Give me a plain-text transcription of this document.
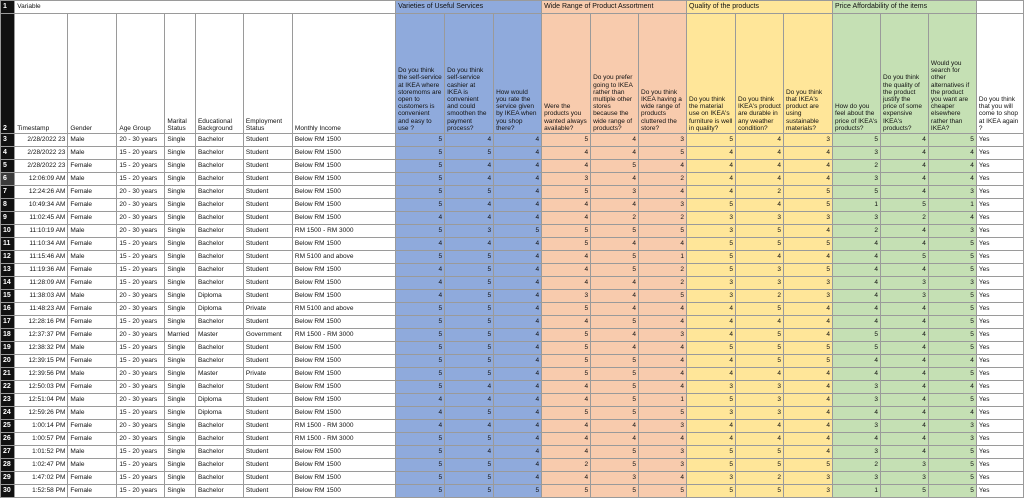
1	Variable							Varieties of Useful Services			Wide Range of Product Assortment			Quality of the products			Price Affordability of the items			
2	Timestamp	Gender	Age Group	Marital Status	Educational Background	Employment Status	Monthly Income	Do you think the self-service at IKEA where storemoms are open to customers is convenient and easy to use ?	Do you think self-service cashier at IKEA is convenient and could smoothen the payment process?	How would you rate the service given by IKEA when you shop there?	Were the products you wanted always available?	Do you prefer going to IKEA rather than multiple other stores because the wide range of products?	Do you think IKEA having a wide range of products cluttered the store?	Do you think the material use on IKEA's furniture is well in quality?	Do you think IKEA's product are durable in any weather condition?	Do you think that IKEA's product are using sustainable materials?	How do you feel about the price of IKEA's products?	Do you think the quality of the product justify the price of some expensive IKEA's products?	Would you search for other alternatives if the product you want are cheaper elsewhere rather than IKEA?	Do you think that you will come to shop at IKEA again ?
3	2/28/2022 23	Male	20 - 30 years	Single	Bachelor	Student	Below RM 1500	5	4	4	5	4	3	5	4	3	5	4	5	Yes
4	2/28/2022 23	Male	15 - 20 years	Single	Bachelor	Student	Below RM 1500	5	5	4	4	4	5	4	4	4	3	4	4	Yes
5	2/28/2022 23	Female	15 - 20 years	Single	Bachelor	Student	Below RM 1500	5	4	4	4	5	4	4	4	4	2	4	4	Yes
6	12:06:09 AM	Male	15 - 20 years	Single	Bachelor	Student	Below RM 1500	5	4	4	3	4	2	4	4	4	3	4	4	Yes
7	12:24:26 AM	Female	20 - 30 years	Single	Bachelor	Student	Below RM 1500	5	5	4	5	3	4	4	2	5	5	4	3	Yes
8	10:49:34 AM	Female	20 - 30 years	Single	Bachelor	Student	Below RM 1500	5	4	4	4	4	3	5	4	5	1	5	1	Yes
9	11:02:45 AM	Female	20 - 30 years	Single	Bachelor	Student	Below RM 1500	4	4	4	4	2	2	3	3	3	3	2	4	Yes
10	11:10:19 AM	Male	20 - 30 years	Single	Bachelor	Student	RM 1500 - RM 3000	5	3	5	5	5	5	3	5	4	2	4	3	Yes
11	11:10:34 AM	Female	15 - 20 years	Single	Bachelor	Student	Below RM 1500	4	4	4	5	4	4	5	5	5	4	4	5	Yes
12	11:15:46 AM	Male	15 - 20 years	Single	Bachelor	Student	RM 5100 and above	5	5	4	4	5	1	5	4	4	4	5	5	Yes
13	11:19:36 AM	Female	15 - 20 years	Single	Bachelor	Student	Below RM 1500	4	5	4	4	5	2	5	3	5	4	4	5	Yes
14	11:28:09 AM	Female	15 - 20 years	Single	Bachelor	Student	Below RM 1500	4	5	4	4	4	2	3	3	3	4	3	3	Yes
15	11:38:03 AM	Male	20 - 30 years	Single	Diploma	Student	Below RM 1500	4	5	4	3	4	5	3	2	3	4	3	5	Yes
16	11:48:23 AM	Female	20 - 30 years	Single	Diploma	Private	RM 5100 and above	5	5	4	5	4	4	4	5	4	4	4	5	Yes
17	12:28:16 PM	Female	15 - 20 years	Single	Bachelor	Student	Below RM 1500	5	5	4	4	5	4	4	4	4	4	4	5	Yes
18	12:37:37 PM	Female	20 - 30 years	Married	Master	Government	RM 1500 - RM 3000	5	5	4	5	4	3	4	5	4	5	4	5	Yes
19	12:38:32 PM	Male	15 - 20 years	Single	Bachelor	Student	Below RM 1500	5	5	4	5	4	4	5	5	5	5	4	5	Yes
20	12:39:15 PM	Female	15 - 20 years	Single	Bachelor	Student	Below RM 1500	5	5	4	5	5	4	4	5	5	4	4	4	Yes
21	12:39:56 PM	Male	20 - 30 years	Single	Master	Private	Below RM 1500	5	5	4	5	5	4	4	4	4	4	4	5	Yes
22	12:50:03 PM	Female	20 - 30 years	Single	Bachelor	Student	Below RM 1500	5	4	4	4	5	4	3	3	4	3	4	4	Yes
23	12:51:04 PM	Male	20 - 30 years	Single	Diploma	Student	Below RM 1500	4	4	4	4	5	1	5	3	4	3	4	5	Yes
24	12:59:26 PM	Male	15 - 20 years	Single	Diploma	Student	Below RM 1500	4	5	4	5	5	5	3	3	4	4	4	4	Yes
25	1:00:14 PM	Female	20 - 30 years	Single	Bachelor	Student	RM 1500 - RM 3000	4	4	4	4	4	3	4	4	4	3	4	3	Yes
26	1:00:57 PM	Female	20 - 30 years	Single	Bachelor	Student	RM 1500 - RM 3000	5	5	4	4	4	4	4	4	4	4	4	3	Yes
27	1:01:52 PM	Male	15 - 20 years	Single	Bachelor	Student	Below RM 1500	5	4	4	4	5	3	5	5	4	3	4	5	Yes
28	1:02:47 PM	Male	15 - 20 years	Single	Bachelor	Student	Below RM 1500	5	5	4	2	5	3	5	5	5	2	3	5	Yes
29	1:47:02 PM	Female	15 - 20 years	Single	Bachelor	Student	Below RM 1500	5	5	4	4	3	4	3	2	3	3	3	5	Yes
30	1:52:58 PM	Female	15 - 20 years	Single	Bachelor	Student	Below RM 1500	5	5	5	5	5	5	5	5	3	1	5	5	Yes
